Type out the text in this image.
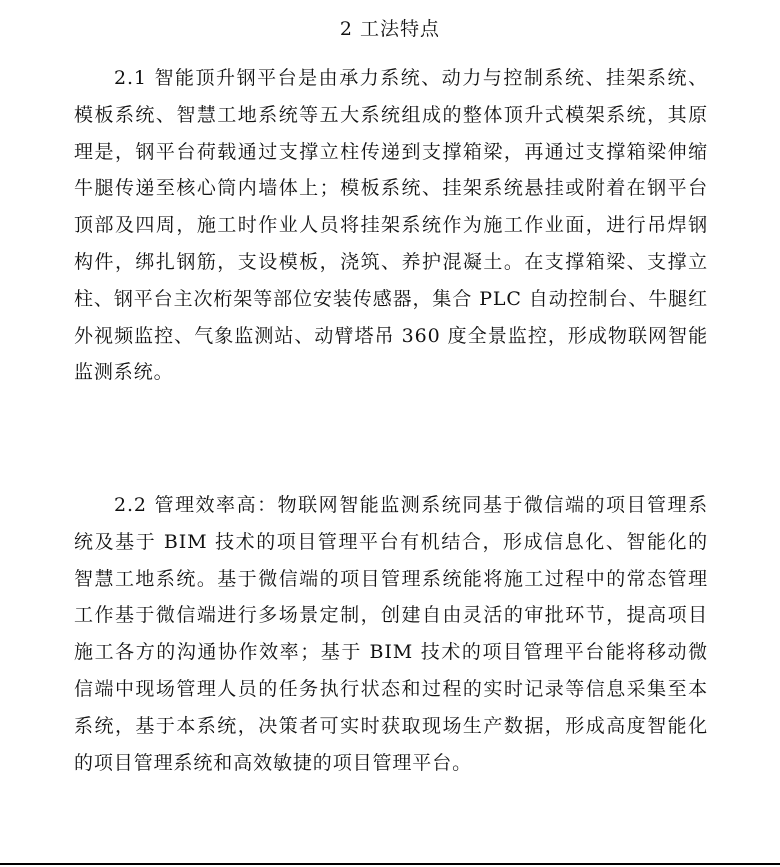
2 工法特点

2.1 智能顶升钢平台是由承力系统、动力与控制系统、挂架系统、模板系统、智慧工地系统等五大系统组成的整体顶升式模架系统，其原理是，钢平台荷载通过支撑立柱传递到支撑箱梁，再通过支撑箱梁伸缩牛腿传递至核心筒内墙体上；模板系统、挂架系统悬挂或附着在钢平台顶部及四周，施工时作业人员将挂架系统作为施工作业面，进行吊焊钢构件，绑扎钢筋，支设模板，浇筑、养护混凝土。在支撑箱梁、支撑立柱、钢平台主次桁架等部位安装传感器，集合 PLC 自动控制台、牛腿红外视频监控、气象监测站、动臂塔吊 360 度全景监控，形成物联网智能监测系统。

2.2 管理效率高：物联网智能监测系统同基于微信端的项目管理系统及基于 BIM 技术的项目管理平台有机结合，形成信息化、智能化的智慧工地系统。基于微信端的项目管理系统能将施工过程中的常态管理工作基于微信端进行多场景定制，创建自由灵活的审批环节，提高项目施工各方的沟通协作效率；基于 BIM 技术的项目管理平台能将移动微信端中现场管理人员的任务执行状态和过程的实时记录等信息采集至本系统，基于本系统，决策者可实时获取现场生产数据，形成高度智能化的项目管理系统和高效敏捷的项目管理平台。
